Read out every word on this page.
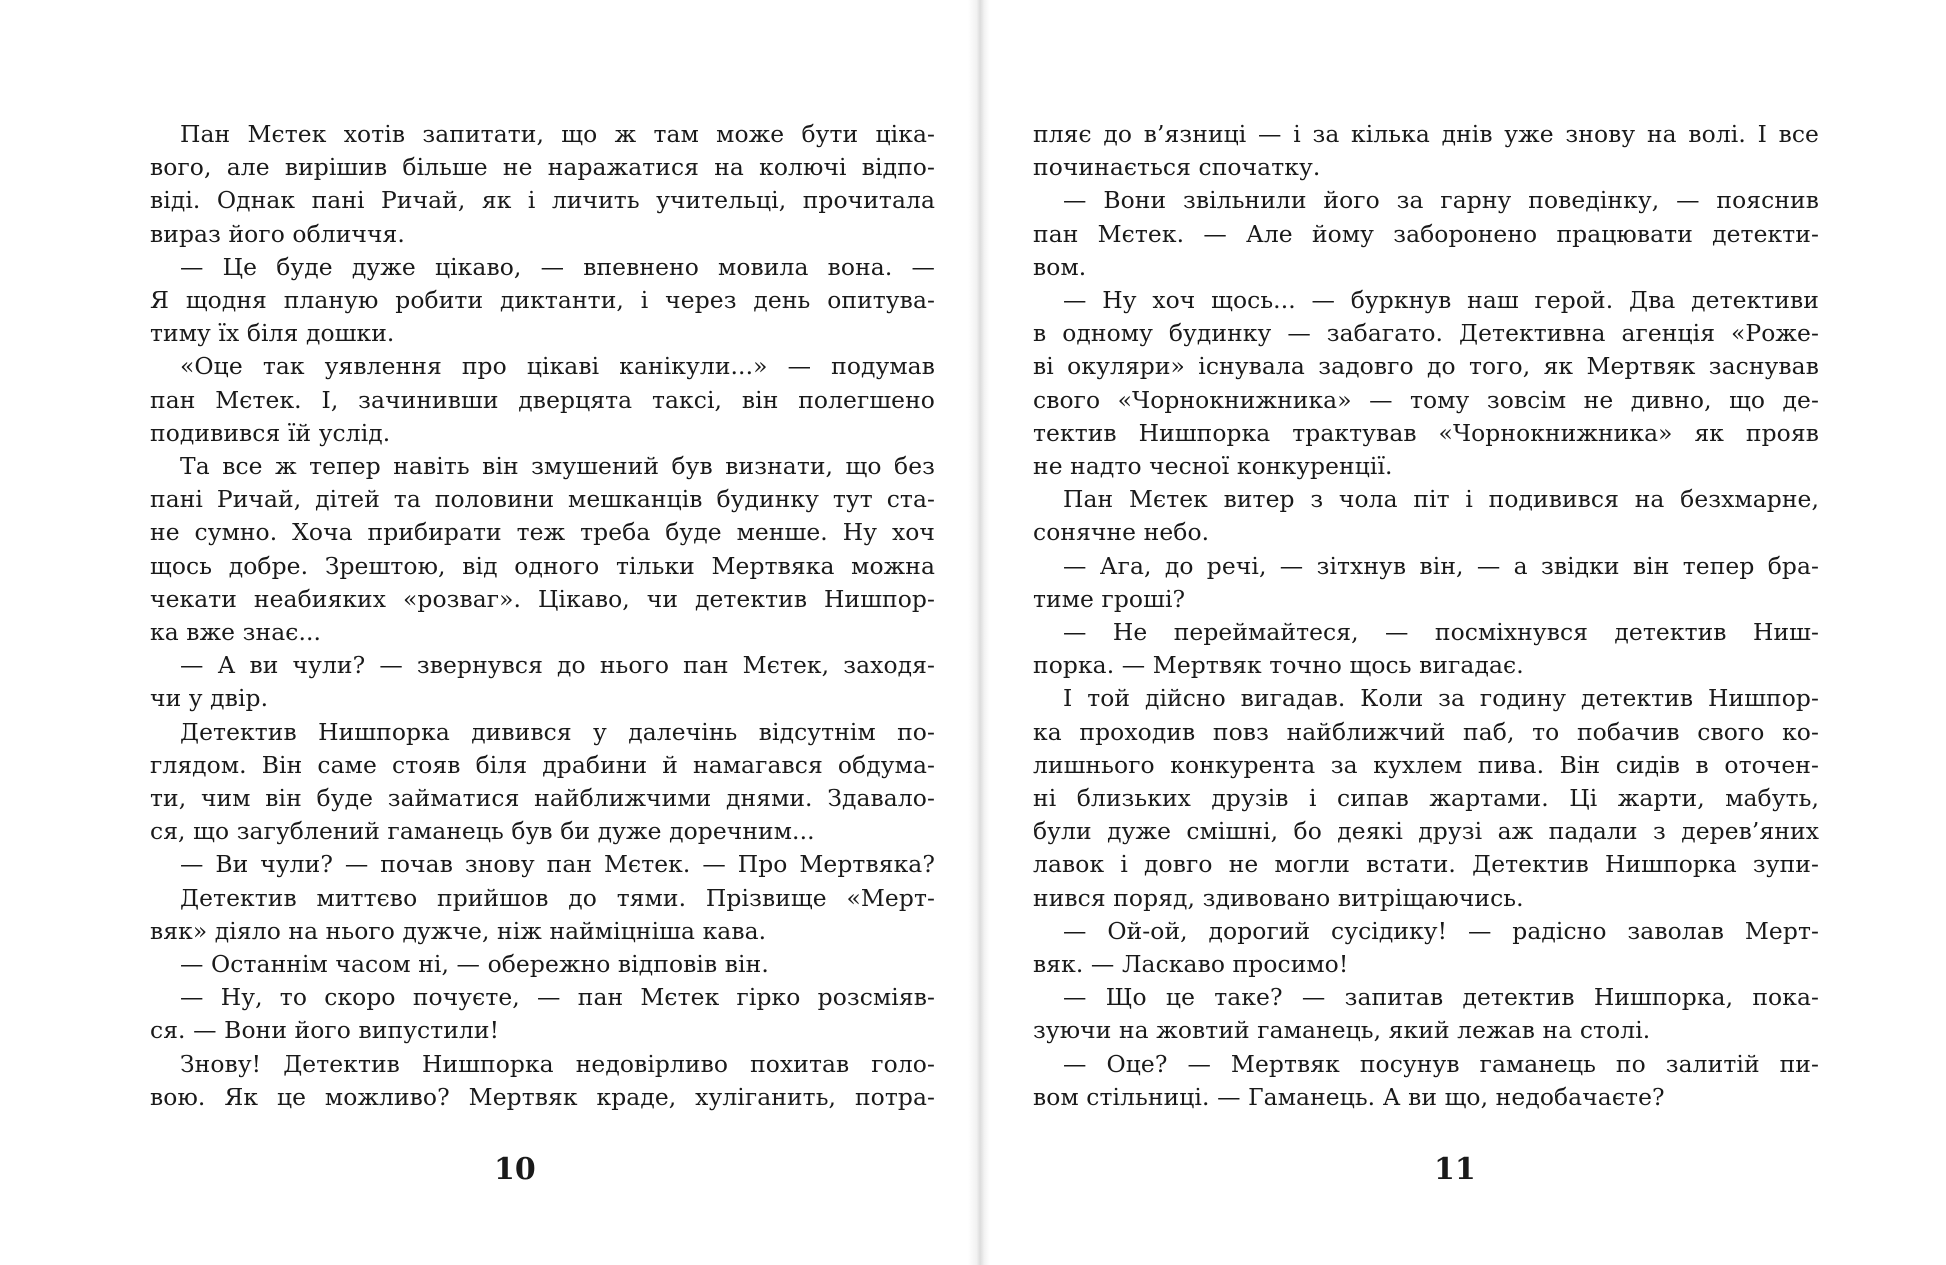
Пан Мєтек хотів запитати, що ж там може бути ціка-
вого, але вирішив більше не наражатися на колючі відпо-
віді. Однак пані Ричай, як і личить учительці, прочитала
вираз його обличчя.
— Це буде дуже цікаво, — впевнено мовила вона. —
Я щодня планую робити диктанти, і через день опитува-
тиму їх біля дошки.
«Оце так уявлення про цікаві канікули...» — подумав
пан Мєтек. І, зачинивши дверцята таксі, він полегшено
подивився їй услід.
Та все ж тепер навіть він змушений був визнати, що без
пані Ричай, дітей та половини мешканців будинку тут ста-
не сумно. Хоча прибирати теж треба буде менше. Ну хоч
щось добре. Зрештою, від одного тільки Мертвяка можна
чекати неабияких «розваг». Цікаво, чи детектив Нишпор-
ка вже знає...
— А ви чули? — звернувся до нього пан Мєтек, заходя-
чи у двір.
Детектив Нишпорка дивився у далечінь відсутнім по-
глядом. Він саме стояв біля драбини й намагався обдума-
ти, чим він буде займатися найближчими днями. Здавало-
ся, що загублений гаманець був би дуже доречним...
— Ви чули? — почав знову пан Мєтек. — Про Мертвяка?
Детектив миттєво прийшов до тями. Прізвище «Мерт-
вяк» діяло на нього дужче, ніж найміцніша кава.
— Останнім часом ні, — обережно відповів він.
— Ну, то скоро почуєте, — пан Мєтек гірко розсміяв-
ся. — Вони його випустили!
Знову! Детектив Нишпорка недовірливо похитав голо-
вою. Як це можливо? Мертвяк краде, хуліганить, потра-
10
пляє до в’язниці — і за кілька днів уже знову на волі. І все
починається спочатку.
— Вони звільнили його за гарну поведінку, — пояснив
пан Мєтек. — Але йому заборонено працювати детекти-
вом.
— Ну хоч щось... — буркнув наш герой. Два детективи
в одному будинку — забагато. Детективна агенція «Роже-
ві окуляри» існувала задовго до того, як Мертвяк заснував
свого «Чорнокнижника» — тому зовсім не дивно, що де-
тектив Нишпорка трактував «Чорнокнижника» як прояв
не надто чесної конкуренції.
Пан Мєтек витер з чола піт і подивився на безхмарне,
сонячне небо.
— Ага, до речі, — зітхнув він, — а звідки він тепер бра-
тиме гроші?
— Не переймайтеся, — посміхнувся детектив Ниш-
порка. — Мертвяк точно щось вигадає.
І той дійсно вигадав. Коли за годину детектив Нишпор-
ка проходив повз найближчий паб, то побачив свого ко-
лишнього конкурента за кухлем пива. Він сидів в оточен-
ні близьких друзів і сипав жартами. Ці жарти, мабуть,
були дуже смішні, бо деякі друзі аж падали з дерев’яних
лавок і довго не могли встати. Детектив Нишпорка зупи-
нився поряд, здивовано витріщаючись.
— Ой-ой, дорогий сусідику! — радісно заволав Мерт-
вяк. — Ласкаво просимо!
— Що це таке? — запитав детектив Нишпорка, пока-
зуючи на жовтий гаманець, який лежав на столі.
— Оце? — Мертвяк посунув гаманець по залитій пи-
вом стільниці. — Гаманець. А ви що, недобачаєте?
11
